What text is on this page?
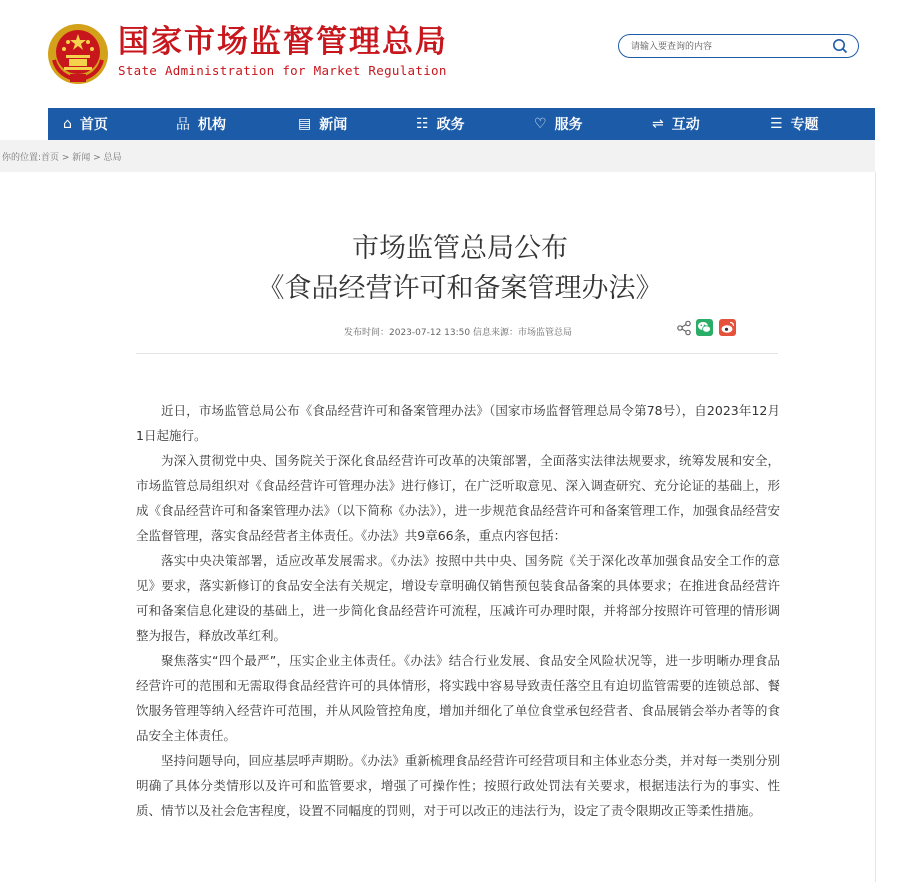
国家市场监督管理总局
State Administration for Market Regulation
请输入要查询的内容
⌂ 首页	品 机构	▤ 新闻	☷ 政务	♡ 服务	⇌ 互动	☰ 专题
你的位置:首页 > 新闻 > 总局
市场监管总局公布
《食品经营许可和备案管理办法》
发布时间：2023-07-12 13:50 信息来源：市场监管总局

近日，市场监管总局公布《食品经营许可和备案管理办法》（国家市场监督管理总局令第78号），自2023年12月1日起施行。

为深入贯彻党中央、国务院关于深化食品经营许可改革的决策部署，全面落实法律法规要求，统筹发展和安全，市场监管总局组织对《食品经营许可管理办法》进行修订，在广泛听取意见、深入调查研究、充分论证的基础上，形成《食品经营许可和备案管理办法》（以下简称《办法》），进一步规范食品经营许可和备案管理工作，加强食品经营安全监督管理，落实食品经营者主体责任。《办法》共9章66条，重点内容包括：

落实中央决策部署，适应改革发展需求。《办法》按照中共中央、国务院《关于深化改革加强食品安全工作的意见》要求，落实新修订的食品安全法有关规定，增设专章明确仅销售预包装食品备案的具体要求；在推进食品经营许可和备案信息化建设的基础上，进一步简化食品经营许可流程，压减许可办理时限，并将部分按照许可管理的情形调整为报告，释放改革红利。

聚焦落实“四个最严”，压实企业主体责任。《办法》结合行业发展、食品安全风险状况等，进一步明晰办理食品经营许可的范围和无需取得食品经营许可的具体情形，将实践中容易导致责任落空且有迫切监管需要的连锁总部、餐饮服务管理等纳入经营许可范围，并从风险管控角度，增加并细化了单位食堂承包经营者、食品展销会举办者等的食品安全主体责任。

坚持问题导向，回应基层呼声期盼。《办法》重新梳理食品经营许可经营项目和主体业态分类，并对每一类别分别明确了具体分类情形以及许可和监管要求，增强了可操作性；按照行政处罚法有关要求，根据违法行为的事实、性质、情节以及社会危害程度，设置不同幅度的罚则，对于可以改正的违法行为，设定了责令限期改正等柔性措施。
